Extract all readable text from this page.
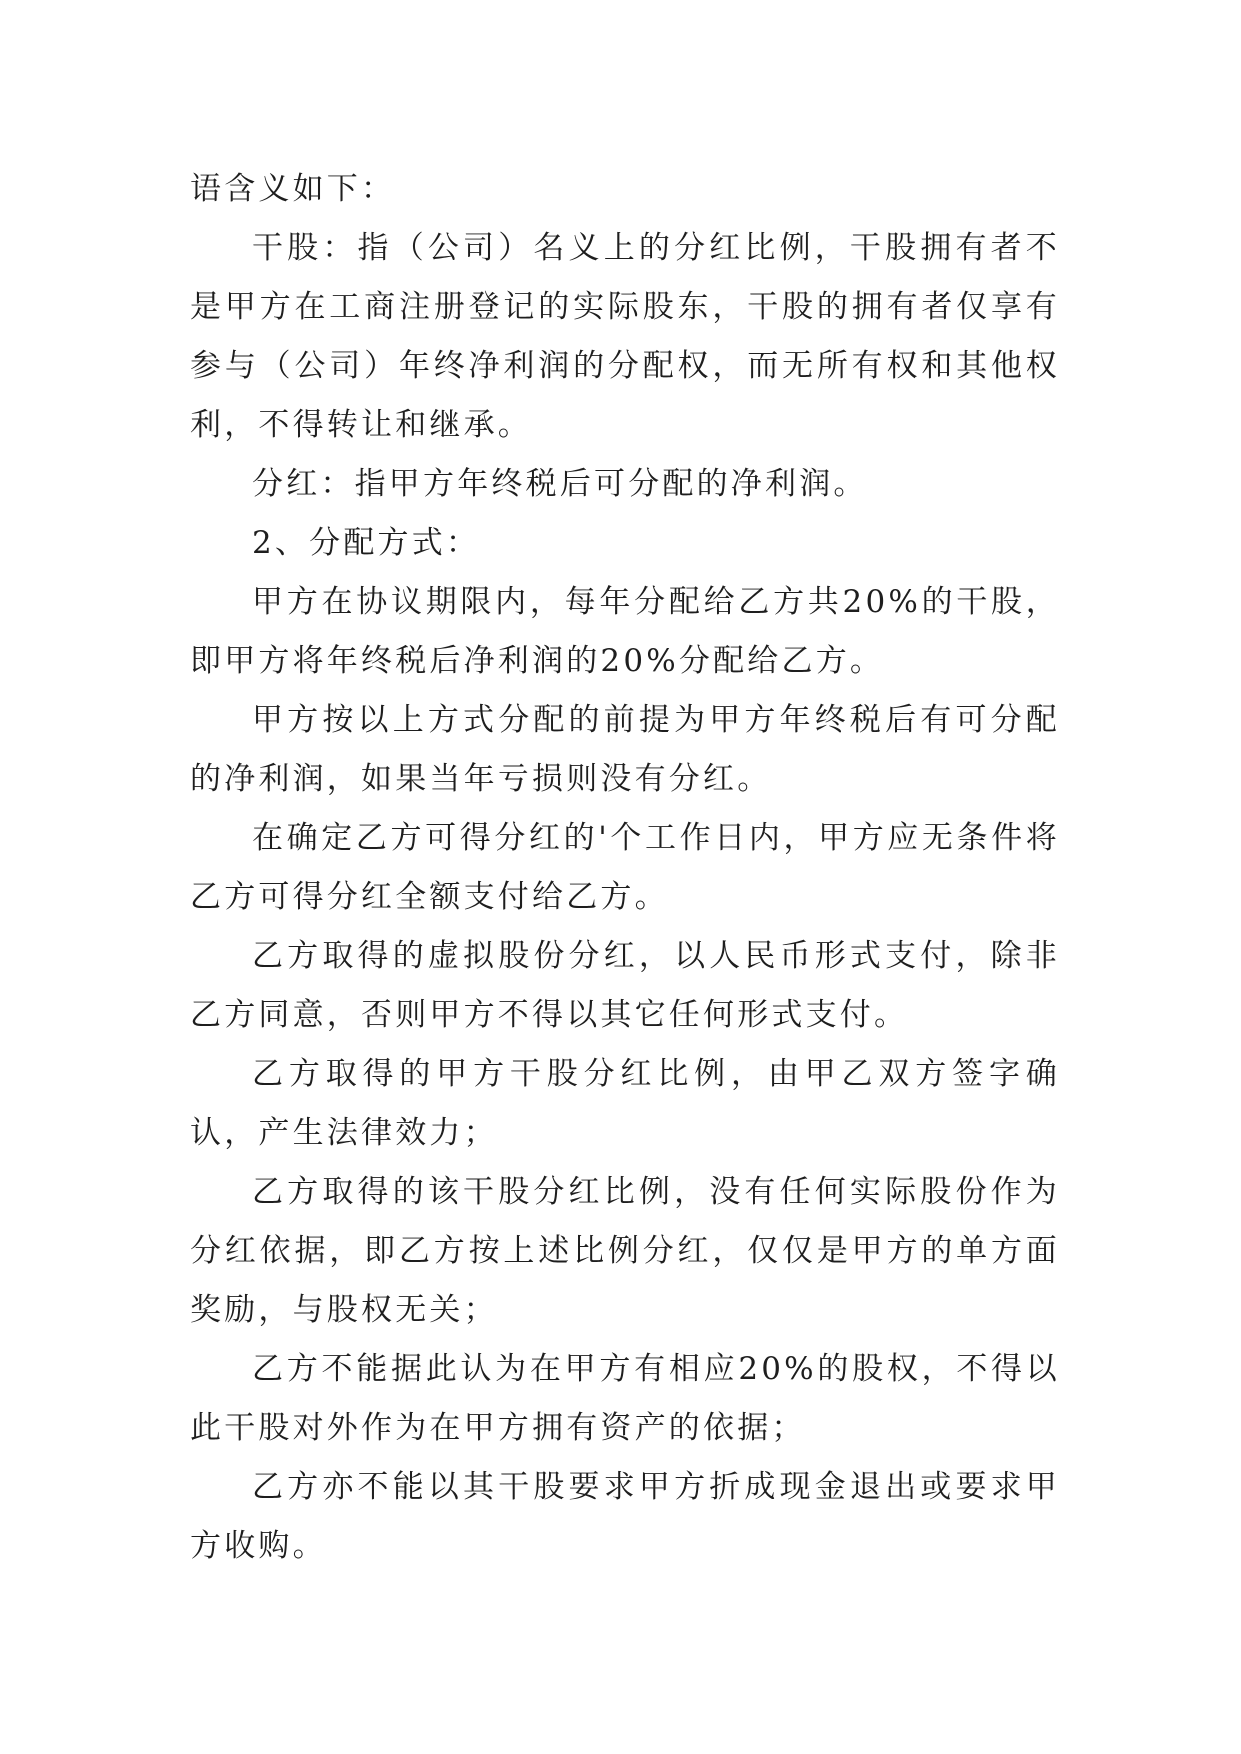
语含义如下：

干股：指（公司）名义上的分红比例，干股拥有者不是甲方在工商注册登记的实际股东，干股的拥有者仅享有参与（公司）年终净利润的分配权，而无所有权和其他权利，不得转让和继承。

分红：指甲方年终税后可分配的净利润。

2、分配方式：

甲方在协议期限内，每年分配给乙方共20%的干股，即甲方将年终税后净利润的20%分配给乙方。

甲方按以上方式分配的前提为甲方年终税后有可分配的净利润，如果当年亏损则没有分红。

在确定乙方可得分红的'个工作日内，甲方应无条件将乙方可得分红全额支付给乙方。

乙方取得的虚拟股份分红，以人民币形式支付，除非乙方同意，否则甲方不得以其它任何形式支付。

乙方取得的甲方干股分红比例，由甲乙双方签字确认，产生法律效力；

乙方取得的该干股分红比例，没有任何实际股份作为分红依据，即乙方按上述比例分红，仅仅是甲方的单方面奖励，与股权无关；

乙方不能据此认为在甲方有相应20%的股权，不得以此干股对外作为在甲方拥有资产的依据；

乙方亦不能以其干股要求甲方折成现金退出或要求甲方收购。
